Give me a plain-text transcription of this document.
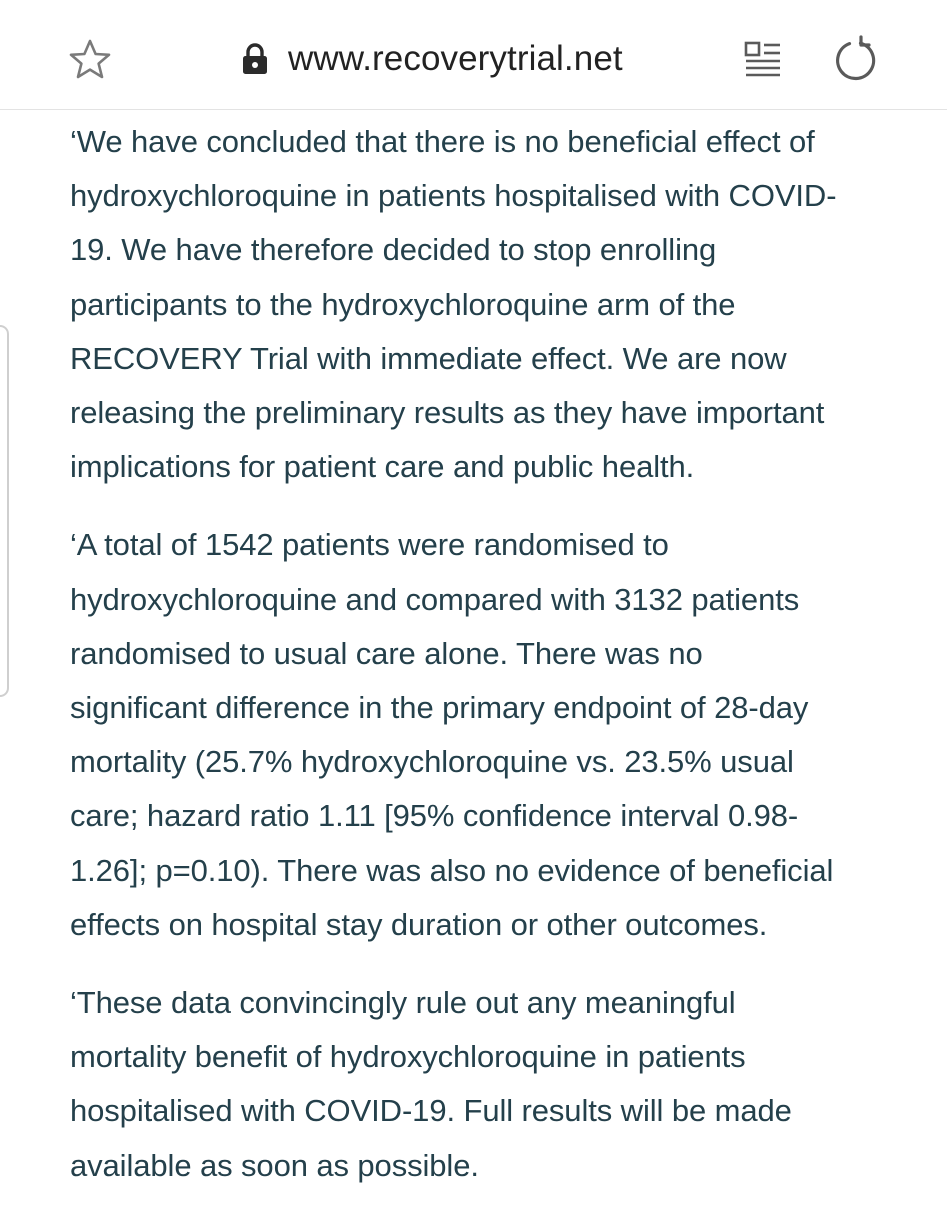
www.recoverytrial.net

‘We have concluded that there is no beneficial effect of
hydroxychloroquine in patients hospitalised with COVID-
19. We have therefore decided to stop enrolling
participants to the hydroxychloroquine arm of the
RECOVERY Trial with immediate effect. We are now
releasing the preliminary results as they have important
implications for patient care and public health.

‘A total of 1542 patients were randomised to
hydroxychloroquine and compared with 3132 patients
randomised to usual care alone. There was no
significant difference in the primary endpoint of 28-day
mortality (25.7% hydroxychloroquine vs. 23.5% usual
care; hazard ratio 1.11 [95% confidence interval 0.98-
1.26]; p=0.10). There was also no evidence of beneficial
effects on hospital stay duration or other outcomes.

‘These data convincingly rule out any meaningful
mortality benefit of hydroxychloroquine in patients
hospitalised with COVID-19. Full results will be made
available as soon as possible.
